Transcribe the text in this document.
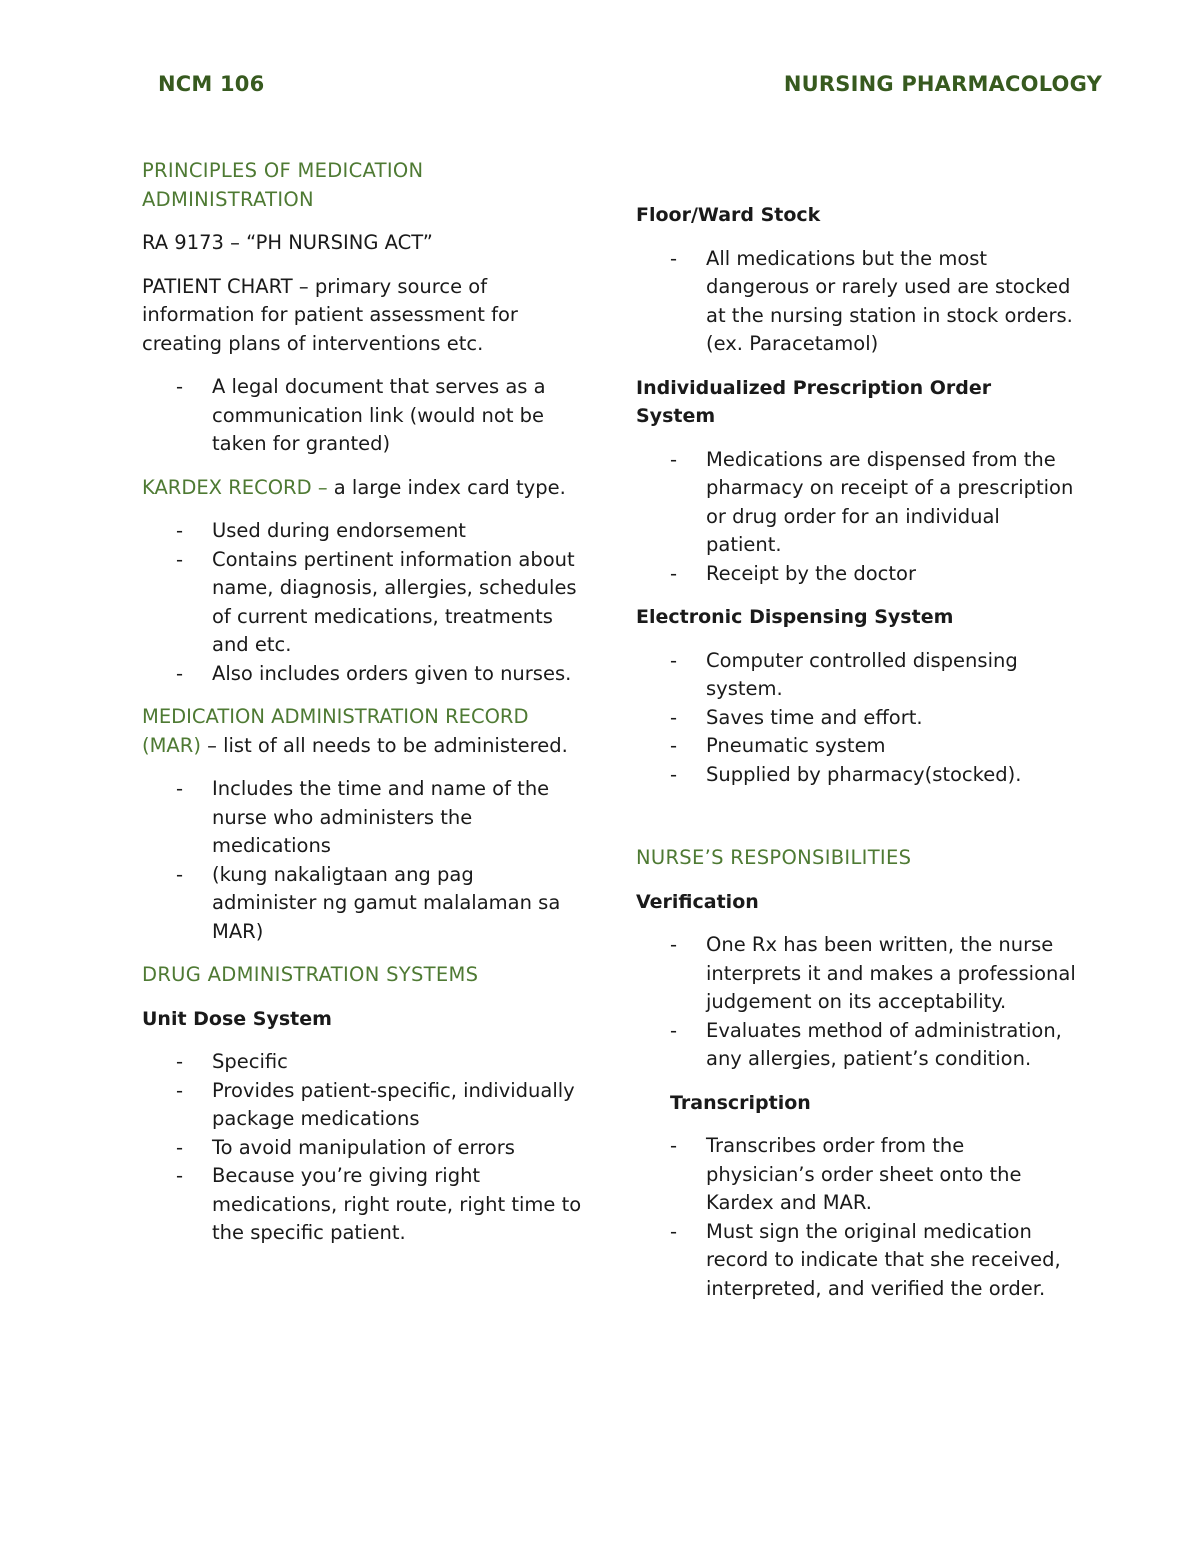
NCM 106	NURSING PHARMACOLOGY
PRINCIPLES OF MEDICATION ADMINISTRATION
RA 9173 – “PH NURSING ACT”
PATIENT CHART – primary source of information for patient assessment for creating plans of interventions etc.
- A legal document that serves as a communication link (would not be taken for granted)
KARDEX RECORD – a large index card type.
- Used during endorsement
- Contains pertinent information about name, diagnosis, allergies, schedules of current medications, treatments and etc.
- Also includes orders given to nurses.
MEDICATION ADMINISTRATION RECORD (MAR) – list of all needs to be administered.
- Includes the time and name of the nurse who administers the medications
- (kung nakaligtaan ang pag administer ng gamut malalaman sa MAR)
DRUG ADMINISTRATION SYSTEMS
Unit Dose System
- Specific
- Provides patient-specific, individually package medications
- To avoid manipulation of errors
- Because you’re giving right medications, right route, right time to the specific patient.
Floor/Ward Stock
- All medications but the most dangerous or rarely used are stocked at the nursing station in stock orders. (ex. Paracetamol)
Individualized Prescription Order System
- Medications are dispensed from the pharmacy on receipt of a prescription or drug order for an individual patient.
- Receipt by the doctor
Electronic Dispensing System
- Computer controlled dispensing system.
- Saves time and effort.
- Pneumatic system
- Supplied by pharmacy(stocked).
NURSE’S RESPONSIBILITIES
Verification
- One Rx has been written, the nurse interprets it and makes a professional judgement on its acceptability.
- Evaluates method of administration, any allergies, patient’s condition.
Transcription
- Transcribes order from the physician’s order sheet onto the Kardex and MAR.
- Must sign the original medication record to indicate that she received, interpreted, and verified the order.
